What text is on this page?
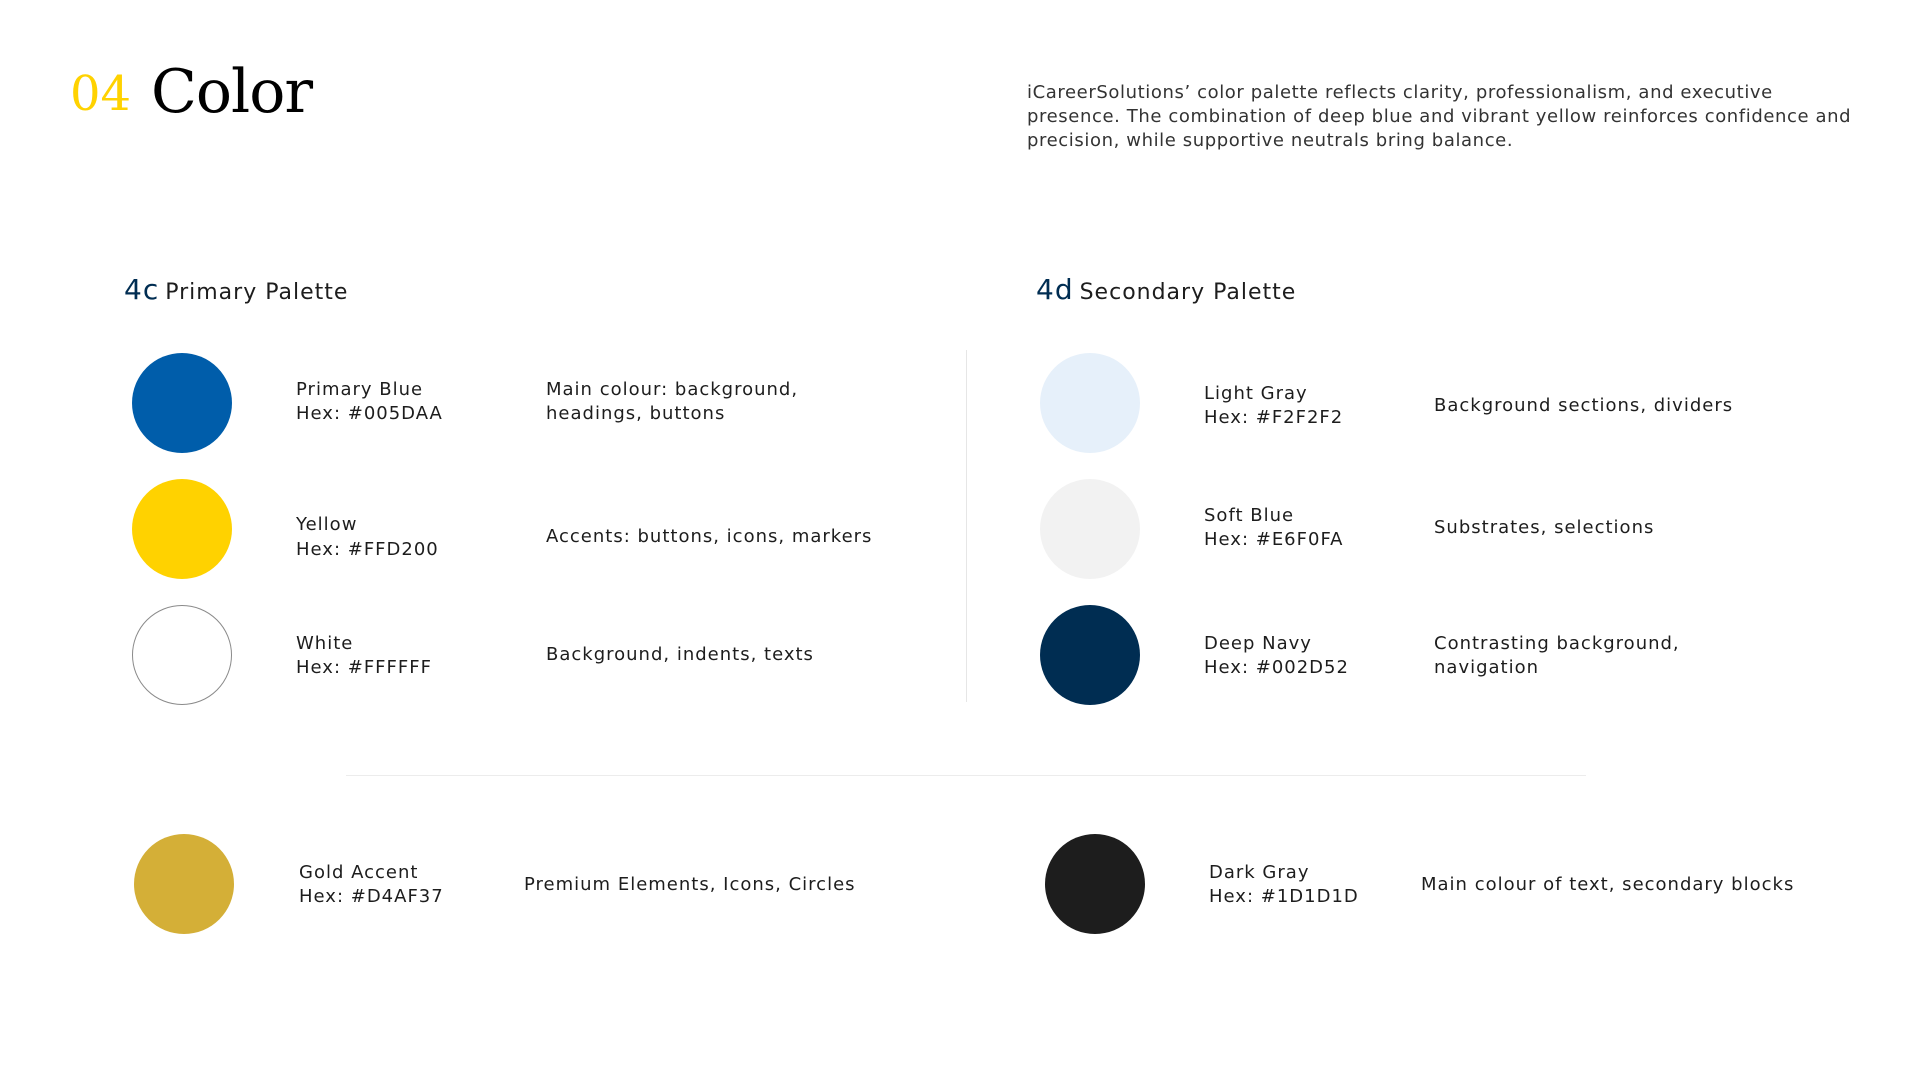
04 Color	iCareerSolutions’ color palette reflects clarity, professionalism, and executive presence. The combination of deep blue and vibrant yellow reinforces confidence and precision, while supportive neutrals bring balance.

4c Primary Palette	4d Secondary Palette
Primary Blue
Hex: #005DAA
Main colour: background, headings, buttons
Yellow
Hex: #FFD200
Accents: buttons, icons, markers
White
Hex: #FFFFFF
Background, indents, texts
Light Gray
Hex: #F2F2F2
Background sections, dividers
Soft Blue
Hex: #E6F0FA
Substrates, selections
Deep Navy
Hex: #002D52
Contrasting background, navigation
Gold Accent
Hex: #D4AF37
Premium Elements, Icons, Circles
Dark Gray
Hex: #1D1D1D
Main colour of text, secondary blocks
